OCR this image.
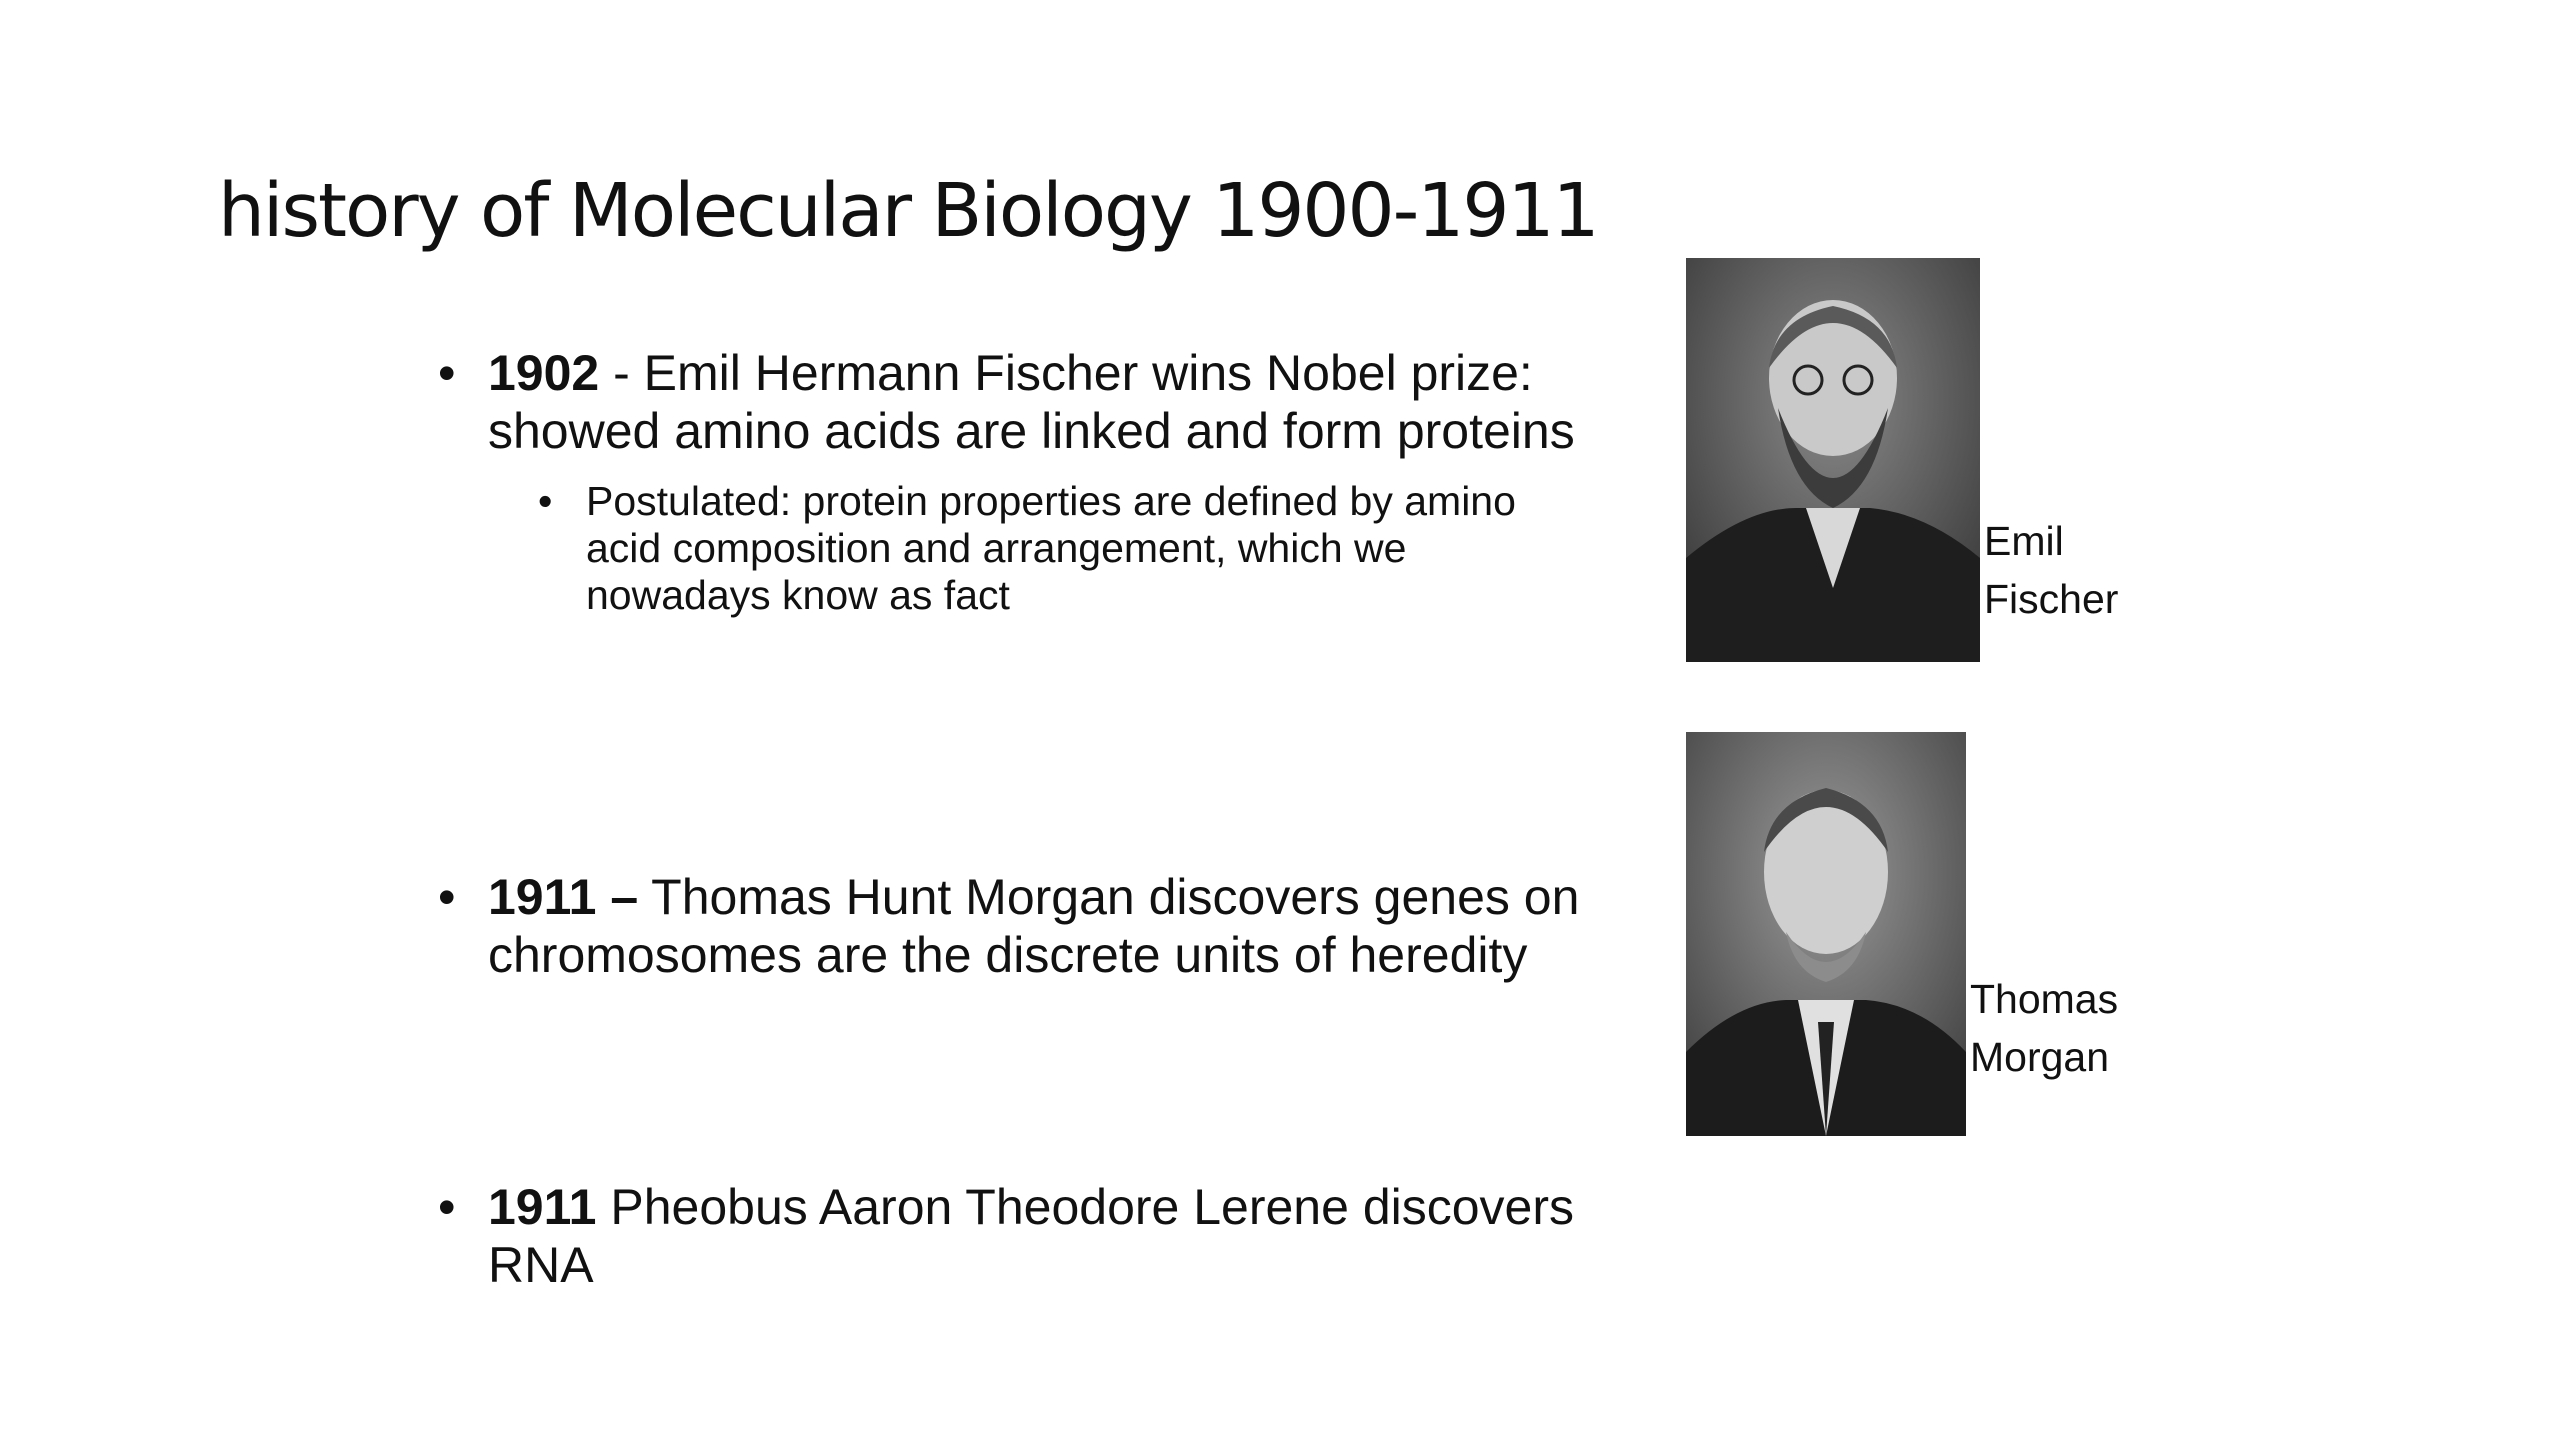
history of Molecular Biology 1900-1911
• 1902 - Emil Hermann Fischer wins Nobel prize: showed amino acids are linked and form proteins
• Postulated: protein properties are defined by amino acid composition and arrangement, which we nowadays know as fact
• 1911 – Thomas Hunt Morgan discovers genes on chromosomes are the discrete units of heredity
• 1911 Pheobus Aaron Theodore Lerene discovers RNA
Emil
Fischer
Thomas
Morgan
